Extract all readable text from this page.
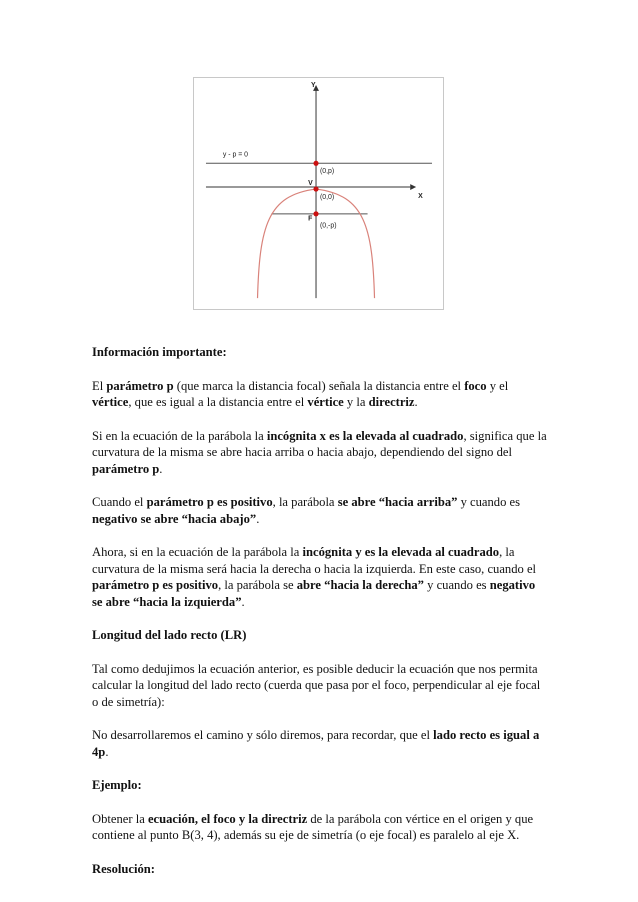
Y
X
y - p = 0
(0,p)
V
(0,0)
F
(0,-p)

Información importante:

El parámetro p (que marca la distancia focal) señala la distancia entre el foco y el vértice, que es igual a la distancia entre el vértice y la directriz.

Si en la ecuación de la parábola la incógnita x es la elevada al cuadrado, significa que la curvatura de la misma se abre hacia arriba o hacia abajo, dependiendo del signo del parámetro p.

Cuando el parámetro p es positivo, la parábola se abre “hacia arriba” y cuando es negativo se abre “hacia abajo”.

Ahora, si en la ecuación de la parábola la incógnita y es la elevada al cuadrado, la curvatura de la misma será hacia la derecha o hacia la izquierda. En este caso, cuando el parámetro p es positivo, la parábola se abre “hacia la derecha” y cuando es negativo se abre “hacia la izquierda”.

Longitud del lado recto (LR)

Tal como dedujimos la ecuación anterior, es posible deducir la ecuación que nos permita calcular la longitud del lado recto (cuerda que pasa por el foco, perpendicular al eje focal o de simetría):

No desarrollaremos el camino y sólo diremos, para recordar, que el lado recto es igual a 4p.

Ejemplo:

Obtener la ecuación, el foco y la directriz de la parábola con vértice en el origen y que contiene al punto B(3, 4), además su eje de simetría (o eje focal) es paralelo al eje X.

Resolución:
